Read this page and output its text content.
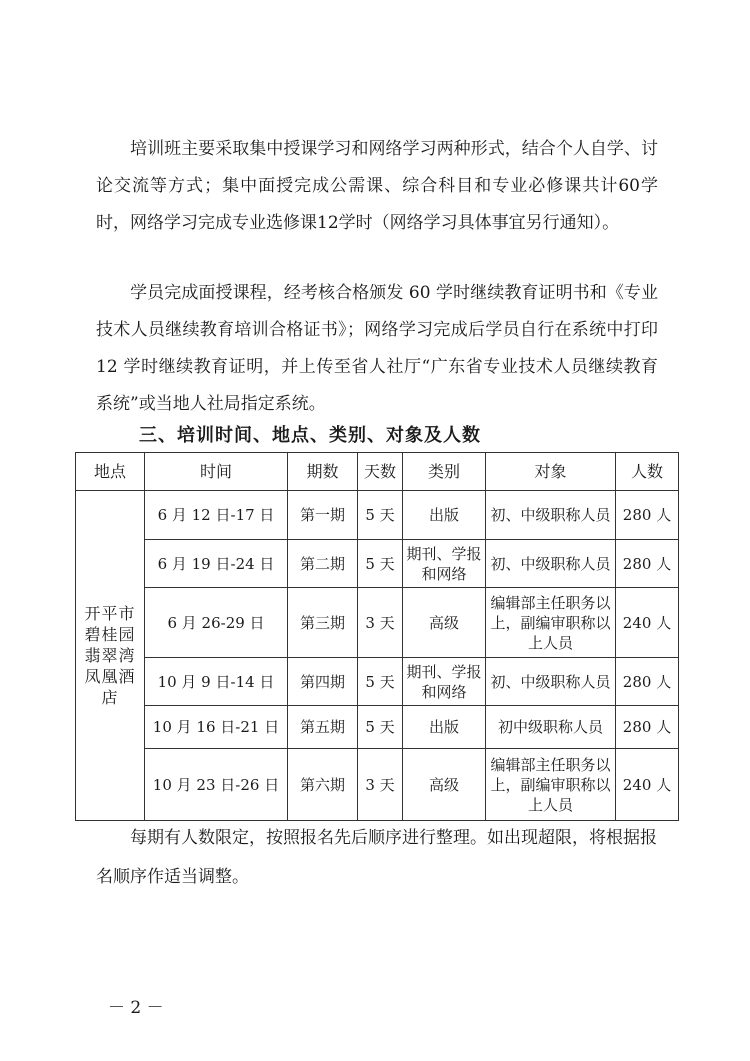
培训班主要采取集中授课学习和网络学习两种形式，结合个人自学、讨论交流等方式；集中面授完成公需课、综合科目和专业必修课共计60学时，网络学习完成专业选修课12学时（网络学习具体事宜另行通知）。
学员完成面授课程，经考核合格颁发 60 学时继续教育证明书和《专业技术人员继续教育培训合格证书》；网络学习完成后学员自行在系统中打印 12 学时继续教育证明，并上传至省人社厅“广东省专业技术人员继续教育系统”或当地人社局指定系统。
三、培训时间、地点、类别、对象及人数
地点	时间	期数	天数	类别	对象	人数
开平市碧桂园翡翠湾凤凰酒店	6 月 12 日-17 日	第一期	5 天	出版	初、中级职称人员	280 人
	6 月 19 日-24 日	第二期	5 天	期刊、学报和网络	初、中级职称人员	280 人
	6 月 26-29 日	第三期	3 天	高级	编辑部主任职务以上，副编审职称以上人员	240 人
	10 月 9 日-14 日	第四期	5 天	期刊、学报和网络	初、中级职称人员	280 人
	10 月 16 日-21 日	第五期	5 天	出版	初中级职称人员	280 人
	10 月 23 日-26 日	第六期	3 天	高级	编辑部主任职务以上，副编审职称以上人员	240 人
每期有人数限定，按照报名先后顺序进行整理。如出现超限，将根据报名顺序作适当调整。
－ 2 －
